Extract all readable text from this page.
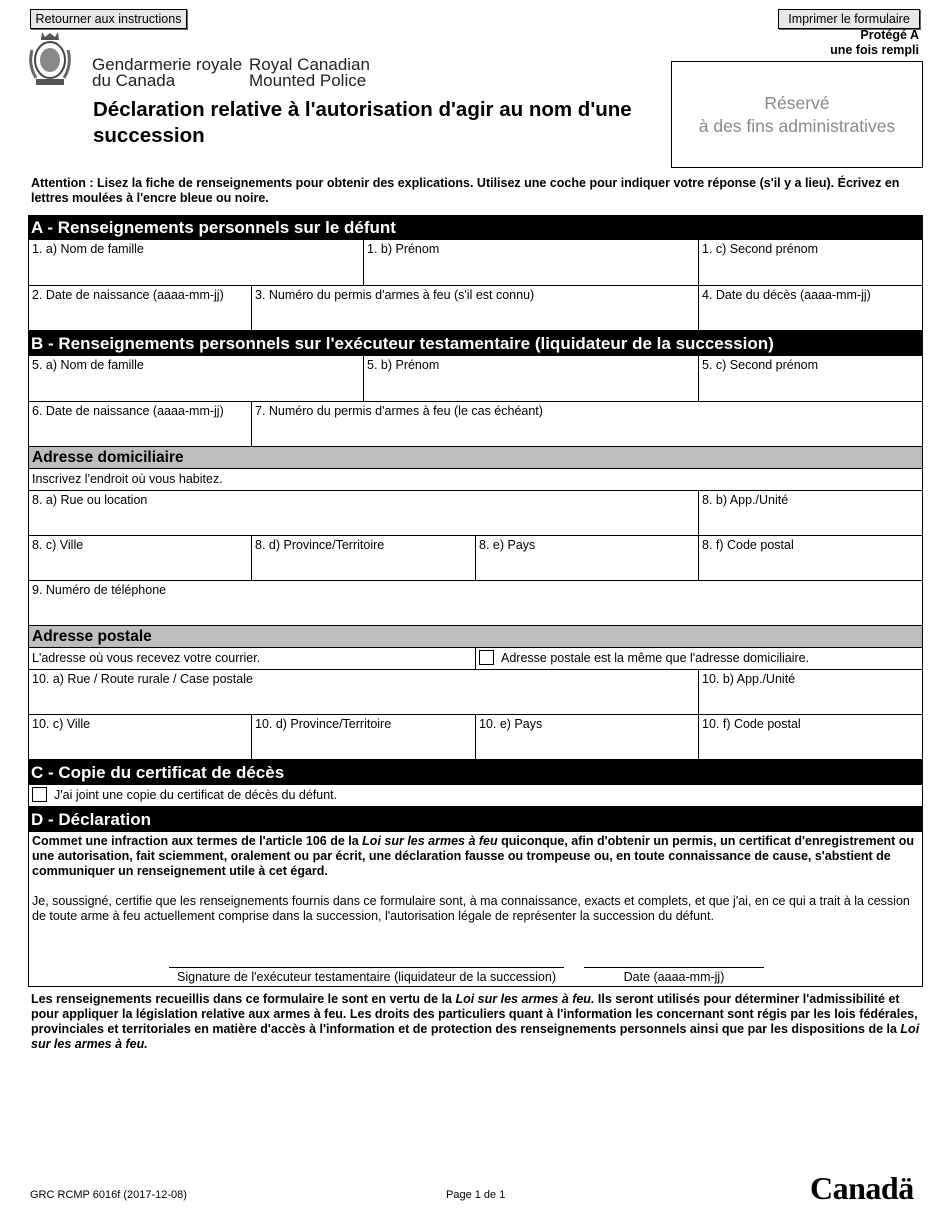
Retourner aux instructions	Imprimer le formulaire
Gendarmerie royale
du Canada
Royal Canadian
Mounted Police
Déclaration relative à l'autorisation d'agir au nom d'une succession
Protégé A
une fois rempli
Réservé
à des fins administratives
Attention : Lisez la fiche de renseignements pour obtenir des explications. Utilisez une coche pour indiquer votre réponse (s'il y a lieu). Écrivez en lettres moulées à l'encre bleue ou noire.
A - Renseignements personnels sur le défunt
1. a) Nom de famille	1. b) Prénom	1. c) Second prénom
2. Date de naissance (aaaa-mm-jj)	3. Numéro du permis d'armes à feu (s'il est connu)	4. Date du décès (aaaa-mm-jj)
B - Renseignements personnels sur l'exécuteur testamentaire (liquidateur de la succession)
5. a) Nom de famille	5. b) Prénom	5. c) Second prénom
6. Date de naissance (aaaa-mm-jj)	7. Numéro du permis d'armes à feu (le cas échéant)
Adresse domiciliaire
Inscrivez l'endroit où vous habitez.
8. a) Rue ou location	8. b) App./Unité
8. c) Ville	8. d) Province/Territoire	8. e) Pays	8. f) Code postal
9. Numéro de téléphone
Adresse postale
L'adresse où vous recevez votre courrier.	Adresse postale est la même que l'adresse domiciliaire.
10. a) Rue / Route rurale / Case postale	10. b) App./Unité
10. c) Ville	10. d) Province/Territoire	10. e) Pays	10. f) Code postal
C - Copie du certificat de décès
J'ai joint une copie du certificat de décès du défunt.
D - Déclaration
Commet une infraction aux termes de l'article 106 de la Loi sur les armes à feu quiconque, afin d'obtenir un permis, un certificat d'enregistrement ou une autorisation, fait sciemment, oralement ou par écrit, une déclaration fausse ou trompeuse ou, en toute connaissance de cause, s'abstient de communiquer un renseignement utile à cet égard.
Je, soussigné, certifie que les renseignements fournis dans ce formulaire sont, à ma connaissance, exacts et complets, et que j'ai, en ce qui a trait à la cession de toute arme à feu actuellement comprise dans la succession, l'autorisation légale de représenter la succession du défunt.
Signature de l'exécuteur testamentaire (liquidateur de la succession)	Date (aaaa-mm-jj)
Les renseignements recueillis dans ce formulaire le sont en vertu de la Loi sur les armes à feu. Ils seront utilisés pour déterminer l'admissibilité et pour appliquer la législation relative aux armes à feu. Les droits des particuliers quant à l'information les concernant sont régis par les lois fédérales, provinciales et territoriales en matière d'accès à l'information et de protection des renseignements personnels ainsi que par les dispositions de la Loi sur les armes à feu.
GRC RCMP 6016f (2017-12-08)	Page 1 de 1	Canadä
